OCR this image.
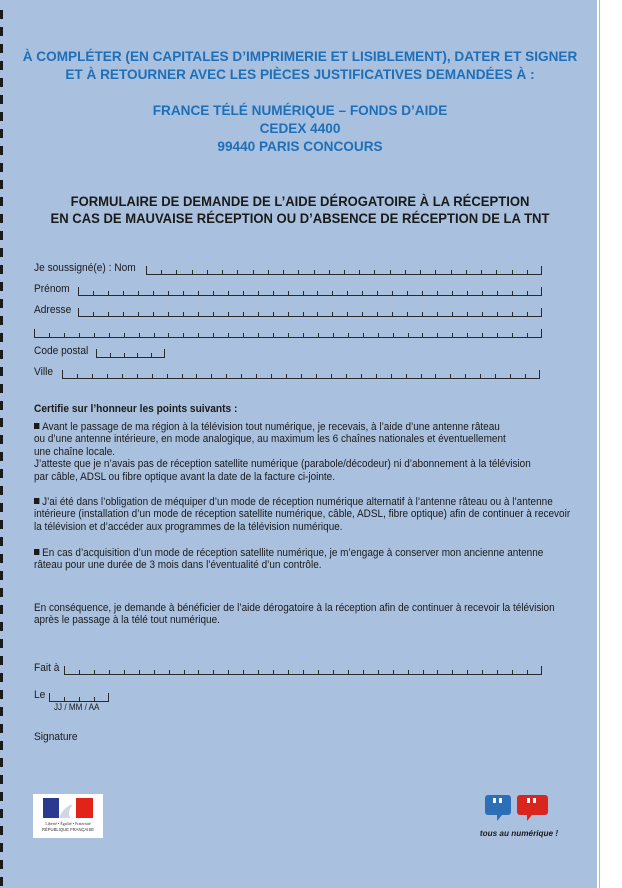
À COMPLÉTER (EN CAPITALES D’IMPRIMERIE ET LISIBLEMENT), DATER ET SIGNER
ET À RETOURNER AVEC LES PIÈCES JUSTIFICATIVES DEMANDÉES À :
FRANCE TÉLÉ NUMÉRIQUE – FONDS D’AIDE
CEDEX 4400
99440 PARIS CONCOURS
FORMULAIRE DE DEMANDE DE L’AIDE DÉROGATOIRE À LA RÉCEPTION
EN CAS DE MAUVAISE RÉCEPTION OU D’ABSENCE DE RÉCEPTION DE LA TNT
Je soussigné(e) : Nom
Prénom
Adresse
Code postal
Ville
Certifie sur l’honneur les points suivants :
Avant le passage de ma région à la télévision tout numérique, je recevais, à l’aide d’une antenne râteau
ou d’une antenne intérieure, en mode analogique, au maximum les 6 chaînes nationales et éventuellement
une chaîne locale.
J’atteste que je n’avais pas de réception satellite numérique (parabole/décodeur) ni d’abonnement à la télévision
par câble, ADSL ou fibre optique avant la date de la facture ci-jointe.
J’ai été dans l’obligation de méquiper d’un mode de réception numérique alternatif à l’antenne râteau ou à l’antenne
intérieure (installation d’un mode de réception satellite numérique, câble, ADSL, fibre optique) afin de continuer à recevoir
la télévision et d’accéder aux programmes de la télévision numérique.
En cas d’acquisition d’un mode de réception satellite numérique, je m’engage à conserver mon ancienne antenne
râteau pour une durée de 3 mois dans l’éventualité d’un contrôle.
En conséquence, je demande à bénéficier de l’aide dérogatoire à la réception afin de continuer à recevoir la télévision
après le passage à la télé tout numérique.
Fait à
Le
JJ / MM / AA
Signature
Liberté • Égalité • Fraternité
RÉPUBLIQUE FRANÇAISE	tous au numérique !
